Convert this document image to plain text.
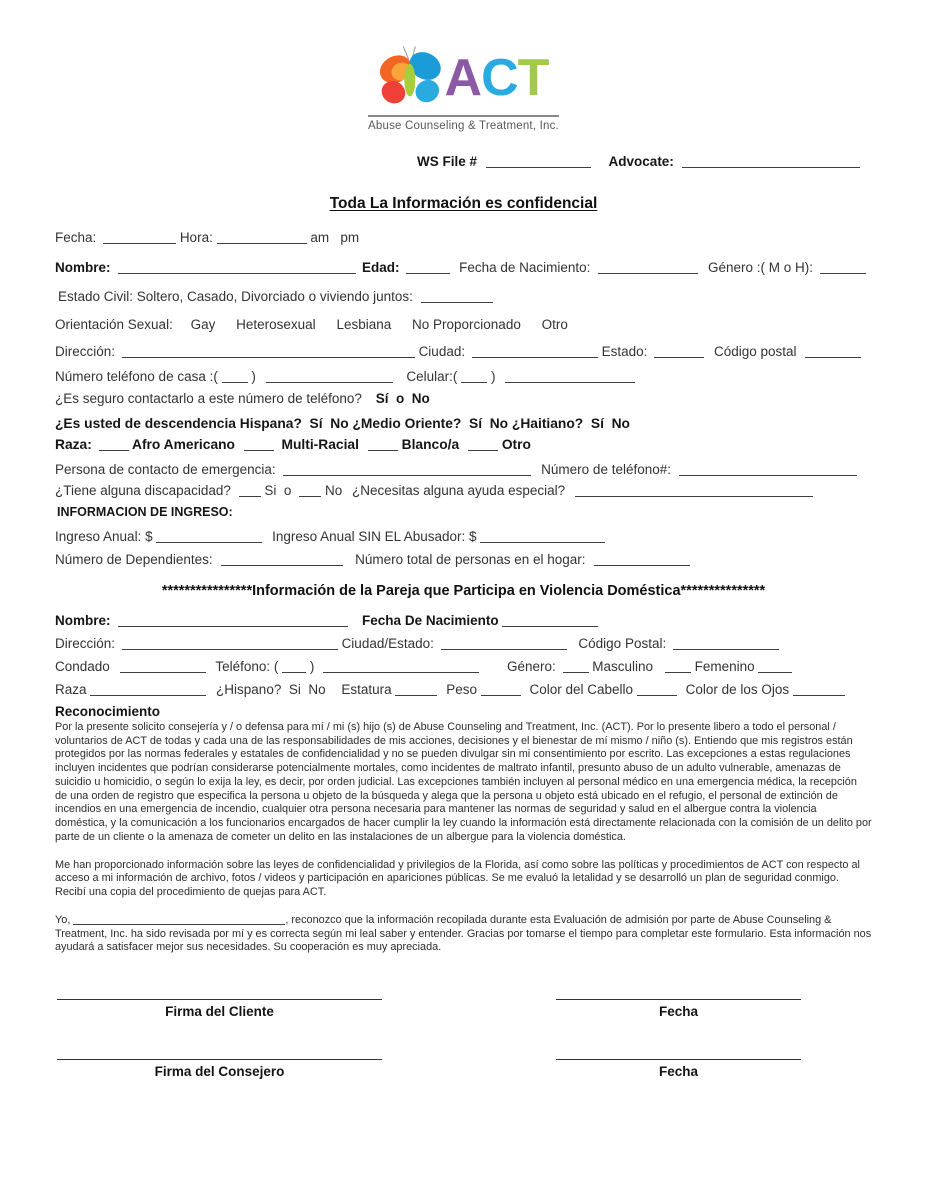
ACT
Abuse Counseling & Treatment, Inc.
WS File #	Advocate:
Toda La Información es confidencial
Fecha:	Hora:	am   pm
Nombre:	Edad:	Fecha de Nacimiento:	Género :( M o H):
Estado Civil: Soltero, Casado, Divorciado o viviendo juntos:
Orientación Sexual: Gay Heterosexual Lesbiana No Proporcionado Otro
Dirección:	Ciudad:	Estado:	Código postal
Número teléfono de casa :( )	Celular:( )
¿Es seguro contactarlo a este número de teléfono? Sí  o  No
¿Es usted de descendencia Hispana?  Sí  No ¿Medio Oriente?  Sí  No ¿Haitiano?  Sí  No
Raza:	Afro Americano	Multi-Racial	Blanco/a	Otro
Persona de contacto de emergencia:	Número de teléfono#:
¿Tiene alguna discapacidad? Si  o No ¿Necesitas alguna ayuda especial?
INFORMACION DE INGRESO:
Ingreso Anual: $	Ingreso Anual SIN EL Abusador: $
Número de Dependientes:	Número total de personas en el hogar:
****************Información de la Pareja que Participa en Violencia Doméstica***************
Nombre:	Fecha De Nacimiento
Dirección:	Ciudad/Estado:	Código Postal:
Condado	Teléfono: ( )	Género:	Masculino	Femenino
Raza	¿Hispano?  Si  No Estatura	Peso	Color del Cabello	Color de los Ojos
Reconocimiento

Por la presente solicito consejería y / o defensa para mí / mi (s) hijo (s) de Abuse Counseling and Treatment, Inc. (ACT). Por lo presente libero a todo el personal / voluntarios de ACT de todas y cada una de las responsabilidades de mis acciones, decisiones y el bienestar de mí mismo / niño (s). Entiendo que mis registros están protegidos por las normas federales y estatales de confidencialidad y no se pueden divulgar sin mi consentimiento por escrito. Las excepciones a estas regulaciones incluyen incidentes que podrían considerarse potencialmente mortales, como incidentes de maltrato infantil, presunto abuso de un adulto vulnerable, amenazas de suicidio u homicidio, o según lo exija la ley, es decir, por orden judicial. Las excepciones también incluyen al personal médico en una emergencia médica, la recepción de una orden de registro que especifica la persona u objeto de la búsqueda y alega que la persona u objeto está ubicado en el refugio, el personal de extinción de incendios en una emergencia de incendio, cualquier otra persona necesaria para mantener las normas de seguridad y salud en el albergue contra la violencia doméstica, y la comunicación a los funcionarios encargados de hacer cumplir la ley cuando la información está directamente relacionada con la comisión de un delito por parte de un cliente o la amenaza de cometer un delito en las instalaciones de un albergue para la violencia doméstica.

Me han proporcionado información sobre las leyes de confidencialidad y privilegios de la Florida, así como sobre las políticas y procedimientos de ACT con respecto al acceso a mi información de archivo, fotos / videos y participación en apariciones públicas. Se me evaluó la letalidad y se desarrolló un plan de seguridad conmigo. Recibí una copia del procedimiento de quejas para ACT.

Yo,	, reconozco que la información recopilada durante esta Evaluación de admisión por parte de Abuse Counseling & Treatment, Inc. ha sido revisada por mí y es correcta según mi leal saber y entender. Gracias por tomarse el tiempo para completar este formulario. Esta información nos ayudará a satisfacer mejor sus necesidades. Su cooperación es muy apreciada.

Firma del Cliente	Fecha
Firma del Consejero	Fecha
